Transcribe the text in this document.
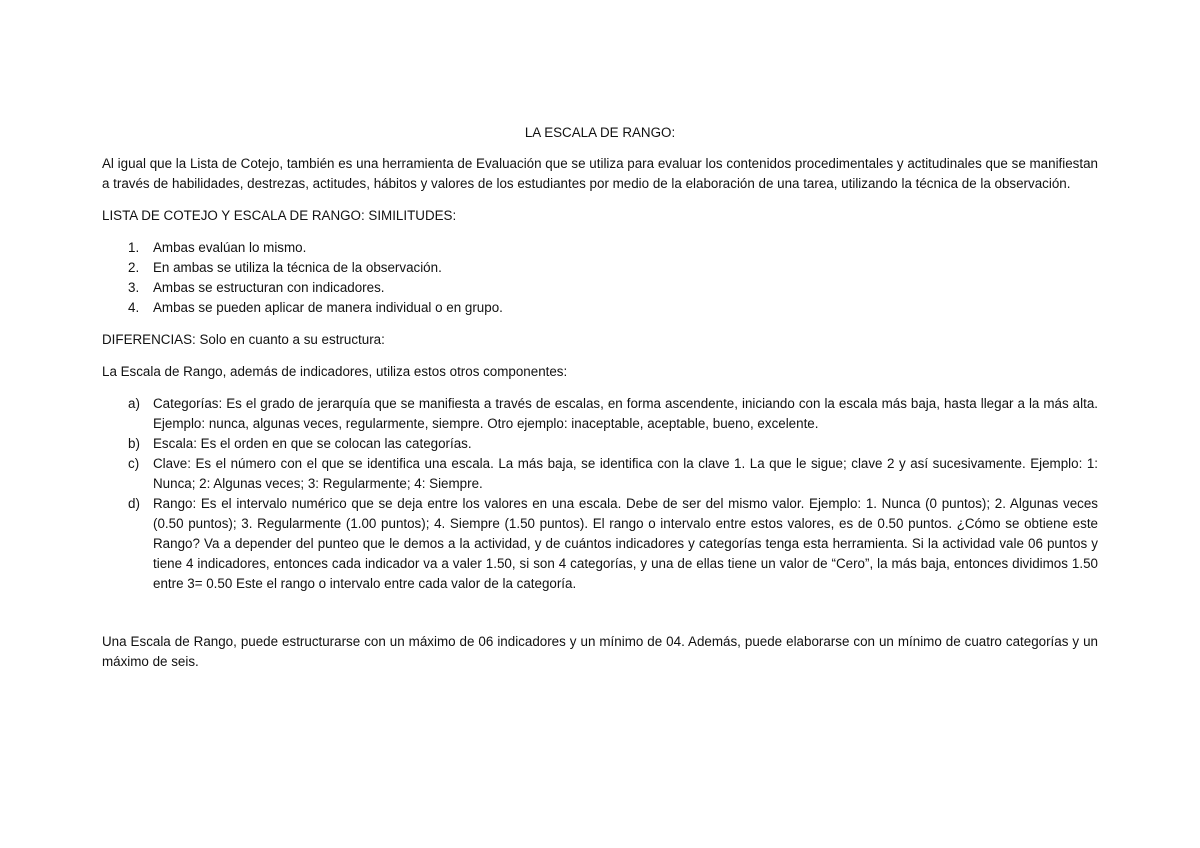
LA ESCALA DE RANGO:

Al igual que la Lista de Cotejo, también es una herramienta de Evaluación que se utiliza para evaluar los contenidos procedimentales y actitudinales que se manifiestan a través de habilidades, destrezas, actitudes, hábitos y valores de los estudiantes por medio de la elaboración de una tarea, utilizando la técnica de la observación.

LISTA DE COTEJO Y ESCALA DE RANGO: SIMILITUDES:

1.	Ambas evalúan lo mismo.
2.	En ambas se utiliza la técnica de la observación.
3.	Ambas se estructuran con indicadores.
4.	Ambas se pueden aplicar de manera individual o en grupo.

DIFERENCIAS: Solo en cuanto a su estructura:

La Escala de Rango, además de indicadores, utiliza estos otros componentes:

a) Categorías: Es el grado de jerarquía que se manifiesta a través de escalas, en forma ascendente, iniciando con la escala más baja, hasta llegar a la más alta. Ejemplo: nunca, algunas veces, regularmente, siempre. Otro ejemplo: inaceptable, aceptable, bueno, excelente.
b) Escala: Es el orden en que se colocan las categorías.
c) Clave: Es el número con el que se identifica una escala. La más baja, se identifica con la clave 1. La que le sigue; clave 2 y así sucesivamente. Ejemplo: 1: Nunca; 2: Algunas veces; 3: Regularmente; 4: Siempre.
d) Rango: Es el intervalo numérico que se deja entre los valores en una escala. Debe de ser del mismo valor. Ejemplo: 1. Nunca (0 puntos); 2. Algunas veces (0.50 puntos); 3. Regularmente (1.00 puntos); 4. Siempre (1.50 puntos). El rango o intervalo entre estos valores, es de 0.50 puntos. ¿Cómo se obtiene este Rango? Va a depender del punteo que le demos a la actividad, y de cuántos indicadores y categorías tenga esta herramienta. Si la actividad vale 06 puntos y tiene 4 indicadores, entonces cada indicador va a valer 1.50, si son 4 categorías, y una de ellas tiene un valor de “Cero”, la más baja, entonces dividimos 1.50 entre 3= 0.50 Este el rango o intervalo entre cada valor de la categoría.

Una Escala de Rango, puede estructurarse con un máximo de 06 indicadores y un mínimo de 04. Además, puede elaborarse con un mínimo de cuatro categorías y un máximo de seis.
